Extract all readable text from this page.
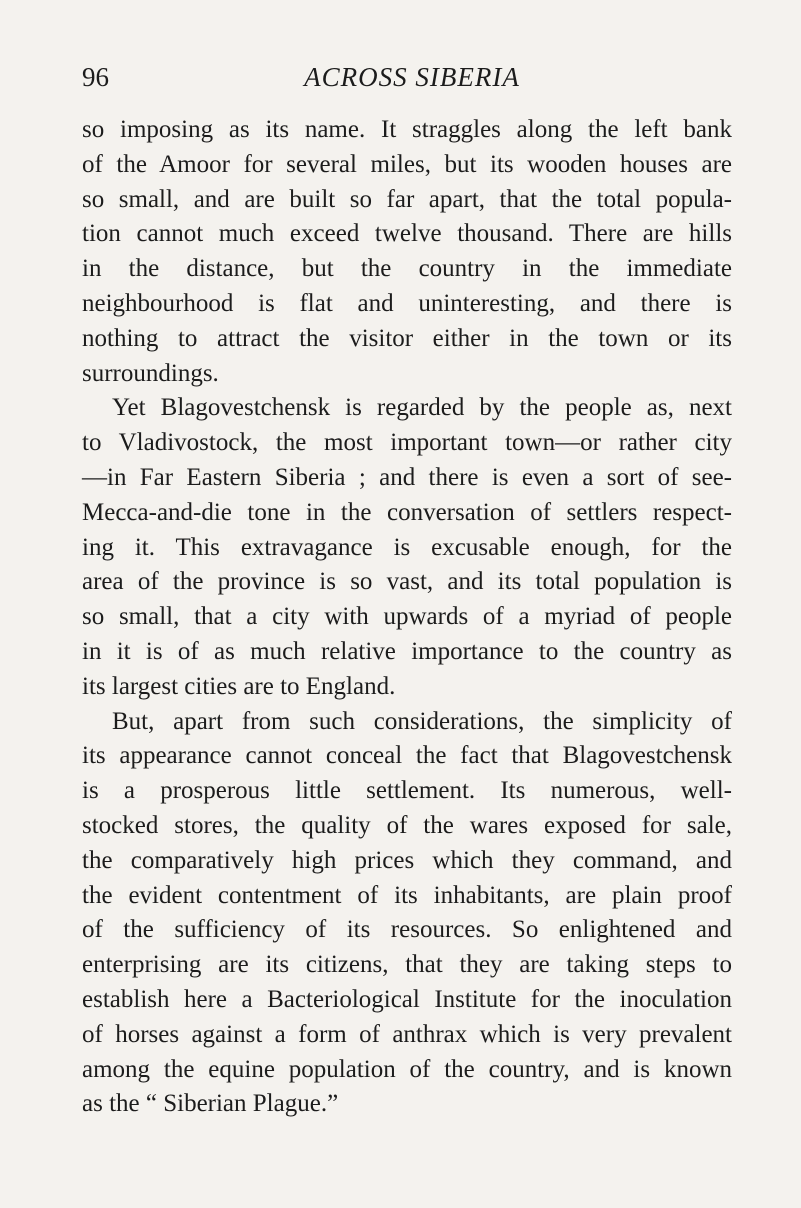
96	ACROSS SIBERIA
so imposing as its name. It straggles along the left bank
of the Amoor for several miles, but its wooden houses are
so small, and are built so far apart, that the total popula-
tion cannot much exceed twelve thousand. There are hills
in the distance, but the country in the immediate
neighbourhood is flat and uninteresting, and there is
nothing to attract the visitor either in the town or its
surroundings.
Yet Blagovestchensk is regarded by the people as, next
to Vladivostock, the most important town—or rather city
—in Far Eastern Siberia ; and there is even a sort of see-
Mecca-and-die tone in the conversation of settlers respect-
ing it. This extravagance is excusable enough, for the
area of the province is so vast, and its total population is
so small, that a city with upwards of a myriad of people
in it is of as much relative importance to the country as
its largest cities are to England.
But, apart from such considerations, the simplicity of
its appearance cannot conceal the fact that Blagovestchensk
is a prosperous little settlement. Its numerous, well-
stocked stores, the quality of the wares exposed for sale,
the comparatively high prices which they command, and
the evident contentment of its inhabitants, are plain proof
of the sufficiency of its resources. So enlightened and
enterprising are its citizens, that they are taking steps to
establish here a Bacteriological Institute for the inoculation
of horses against a form of anthrax which is very prevalent
among the equine population of the country, and is known
as the “ Siberian Plague.”
